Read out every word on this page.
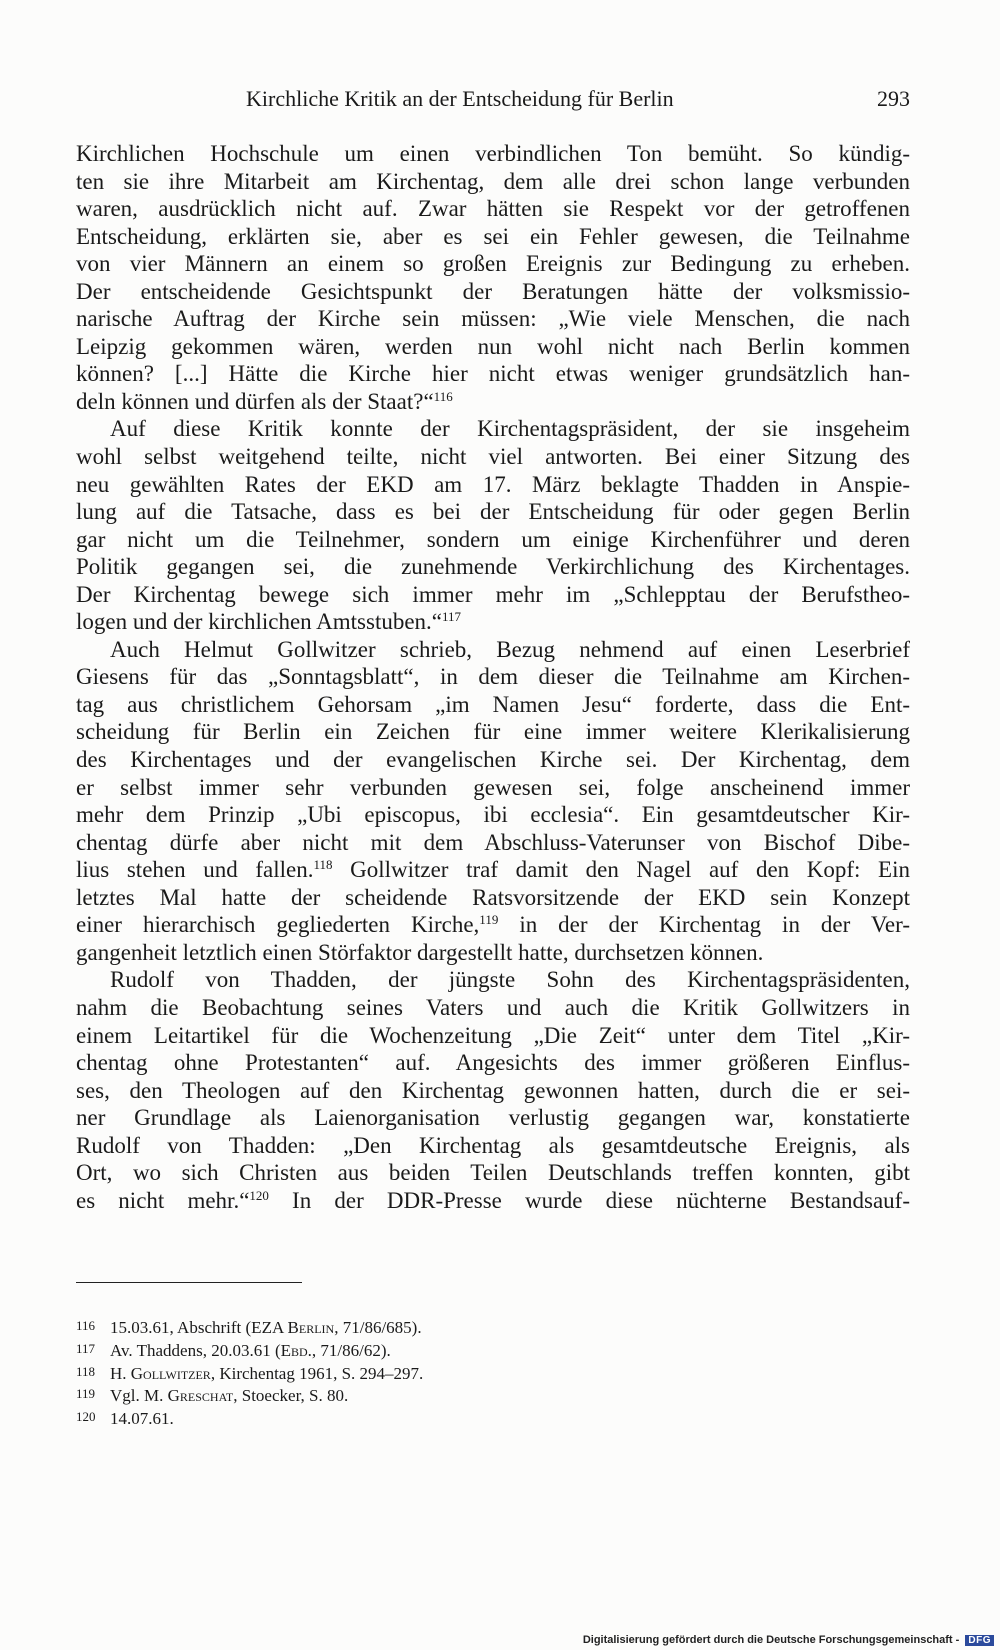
Kirchliche Kritik an der Entscheidung für Berlin	293
Kirchlichen Hochschule um einen verbindlichen Ton bemüht. So kündig-
ten sie ihre Mitarbeit am Kirchentag, dem alle drei schon lange verbunden
waren, ausdrücklich nicht auf. Zwar hätten sie Respekt vor der getroffenen
Entscheidung, erklärten sie, aber es sei ein Fehler gewesen, die Teilnahme
von vier Männern an einem so großen Ereignis zur Bedingung zu erheben.
Der entscheidende Gesichtspunkt der Beratungen hätte der volksmissio-
narische Auftrag der Kirche sein müssen: „Wie viele Menschen, die nach
Leipzig gekommen wären, werden nun wohl nicht nach Berlin kommen
können? [...] Hätte die Kirche hier nicht etwas weniger grundsätzlich han-
deln können und dürfen als der Staat?“$^{116}$
Auf diese Kritik konnte der Kirchentagspräsident, der sie insgeheim
wohl selbst weitgehend teilte, nicht viel antworten. Bei einer Sitzung des
neu gewählten Rates der EKD am 17. März beklagte Thadden in Anspie-
lung auf die Tatsache, dass es bei der Entscheidung für oder gegen Berlin
gar nicht um die Teilnehmer, sondern um einige Kirchenführer und deren
Politik gegangen sei, die zunehmende Verkirchlichung des Kirchentages.
Der Kirchentag bewege sich immer mehr im „Schlepptau der Berufstheo-
logen und der kirchlichen Amtsstuben.“$^{117}$
Auch Helmut Gollwitzer schrieb, Bezug nehmend auf einen Leserbrief
Giesens für das „Sonntagsblatt“, in dem dieser die Teilnahme am Kirchen-
tag aus christlichem Gehorsam „im Namen Jesu“ forderte, dass die Ent-
scheidung für Berlin ein Zeichen für eine immer weitere Klerikalisierung
des Kirchentages und der evangelischen Kirche sei. Der Kirchentag, dem
er selbst immer sehr verbunden gewesen sei, folge anscheinend immer
mehr dem Prinzip „Ubi episcopus, ibi ecclesia“. Ein gesamtdeutscher Kir-
chentag dürfe aber nicht mit dem Abschluss-Vaterunser von Bischof Dibe-
lius stehen und fallen.$^{118}$ Gollwitzer traf damit den Nagel auf den Kopf: Ein
letztes Mal hatte der scheidende Ratsvorsitzende der EKD sein Konzept
einer hierarchisch gegliederten Kirche,$^{119}$ in der der Kirchentag in der Ver-
gangenheit letztlich einen Störfaktor dargestellt hatte, durchsetzen können.
Rudolf von Thadden, der jüngste Sohn des Kirchentagspräsidenten,
nahm die Beobachtung seines Vaters und auch die Kritik Gollwitzers in
einem Leitartikel für die Wochenzeitung „Die Zeit“ unter dem Titel „Kir-
chentag ohne Protestanten“ auf. Angesichts des immer größeren Einflus-
ses, den Theologen auf den Kirchentag gewonnen hatten, durch die er sei-
ner Grundlage als Laienorganisation verlustig gegangen war, konstatierte
Rudolf von Thadden: „Den Kirchentag als gesamtdeutsche Ereignis, als
Ort, wo sich Christen aus beiden Teilen Deutschlands treffen konnten, gibt
es nicht mehr.“$^{120}$ In der DDR-Presse wurde diese nüchterne Bestandsauf-
116 15.03.61, Abschrift (EZA Berlin, 71/86/685).
117 Av. Thaddens, 20.03.61 (Ebd., 71/86/62).
118 H. Gollwitzer, Kirchentag 1961, S. 294–297.
119 Vgl. M. Greschat, Stoecker, S. 80.
120 14.07.61.
Digitalisierung gefördert durch die Deutsche Forschungsgemeinschaft - DFG
